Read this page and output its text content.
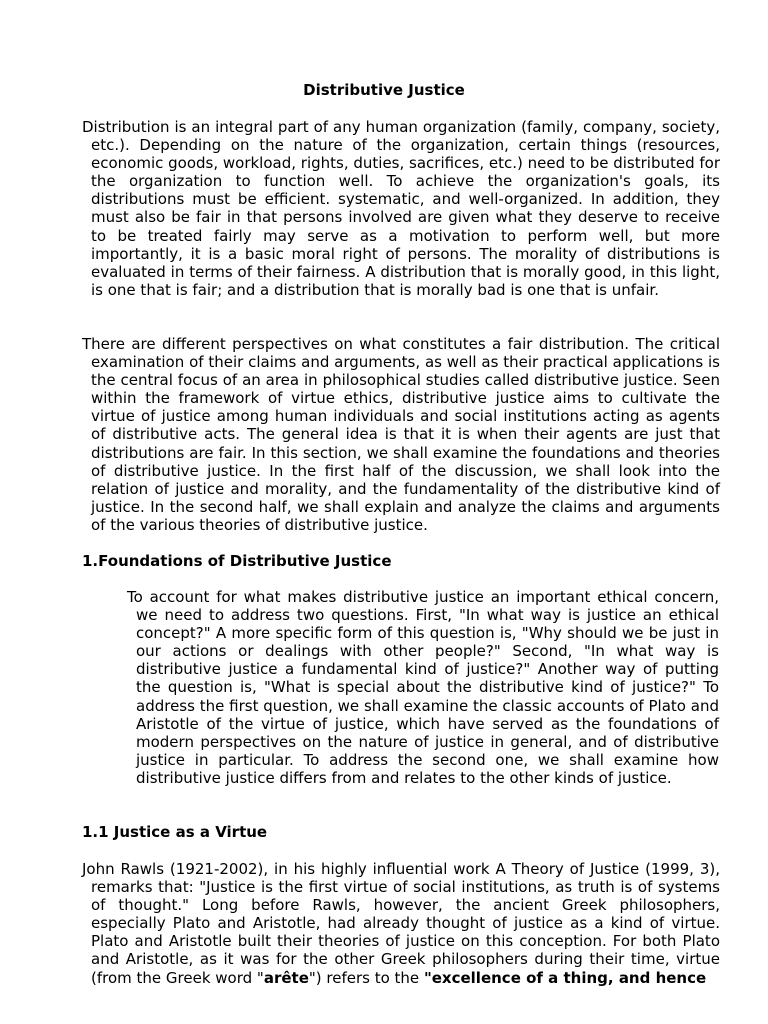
Distributive Justice

Distribution is an integral part of any human organization (family, company, society, etc.). Depending on the nature of the organization, certain things (resources, economic goods, workload, rights, duties, sacrifices, etc.) need to be distributed for the organization to function well. To achieve the organization's goals, its distributions must be efficient. systematic, and well-organized. In addition, they must also be fair in that persons involved are given what they deserve to receive to be treated fairly may serve as a motivation to perform well, but more importantly, it is a basic moral right of persons. The morality of distributions is evaluated in terms of their fairness. A distribution that is morally good, in this light, is one that is fair; and a distribution that is morally bad is one that is unfair.

There are different perspectives on what constitutes a fair distribution. The critical examination of their claims and arguments, as well as their practical applications is the central focus of an area in philosophical studies called distributive justice. Seen within the framework of virtue ethics, distributive justice aims to cultivate the virtue of justice among human individuals and social institutions acting as agents of distributive acts. The general idea is that it is when their agents are just that distributions are fair. In this section, we shall examine the foundations and theories of distributive justice. In the first half of the discussion, we shall look into the relation of justice and morality, and the fundamentality of the distributive kind of justice. In the second half, we shall explain and analyze the claims and arguments of the various theories of distributive justice.

1.Foundations of Distributive Justice

To account for what makes distributive justice an important ethical concern, we need to address two questions. First, "In what way is justice an ethical concept?" A more specific form of this question is, "Why should we be just in our actions or dealings with other people?" Second, "In what way is distributive justice a fundamental kind of justice?" Another way of putting the question is, "What is special about the distributive kind of justice?" To address the first question, we shall examine the classic accounts of Plato and Aristotle of the virtue of justice, which have served as the foundations of modern perspectives on the nature of justice in general, and of distributive justice in particular. To address the second one, we shall examine how distributive justice differs from and relates to the other kinds of justice.

1.1 Justice as a Virtue

John Rawls (1921-2002), in his highly influential work A Theory of Justice (1999, 3), remarks that: "Justice is the first virtue of social institutions, as truth is of systems of thought." Long before Rawls, however, the ancient Greek philosophers, especially Plato and Aristotle, had already thought of justice as a kind of virtue. Plato and Aristotle built their theories of justice on this conception. For both Plato and Aristotle, as it was for the other Greek philosophers during their time, virtue (from the Greek word "arête") refers to the "excellence of a thing, and hence
